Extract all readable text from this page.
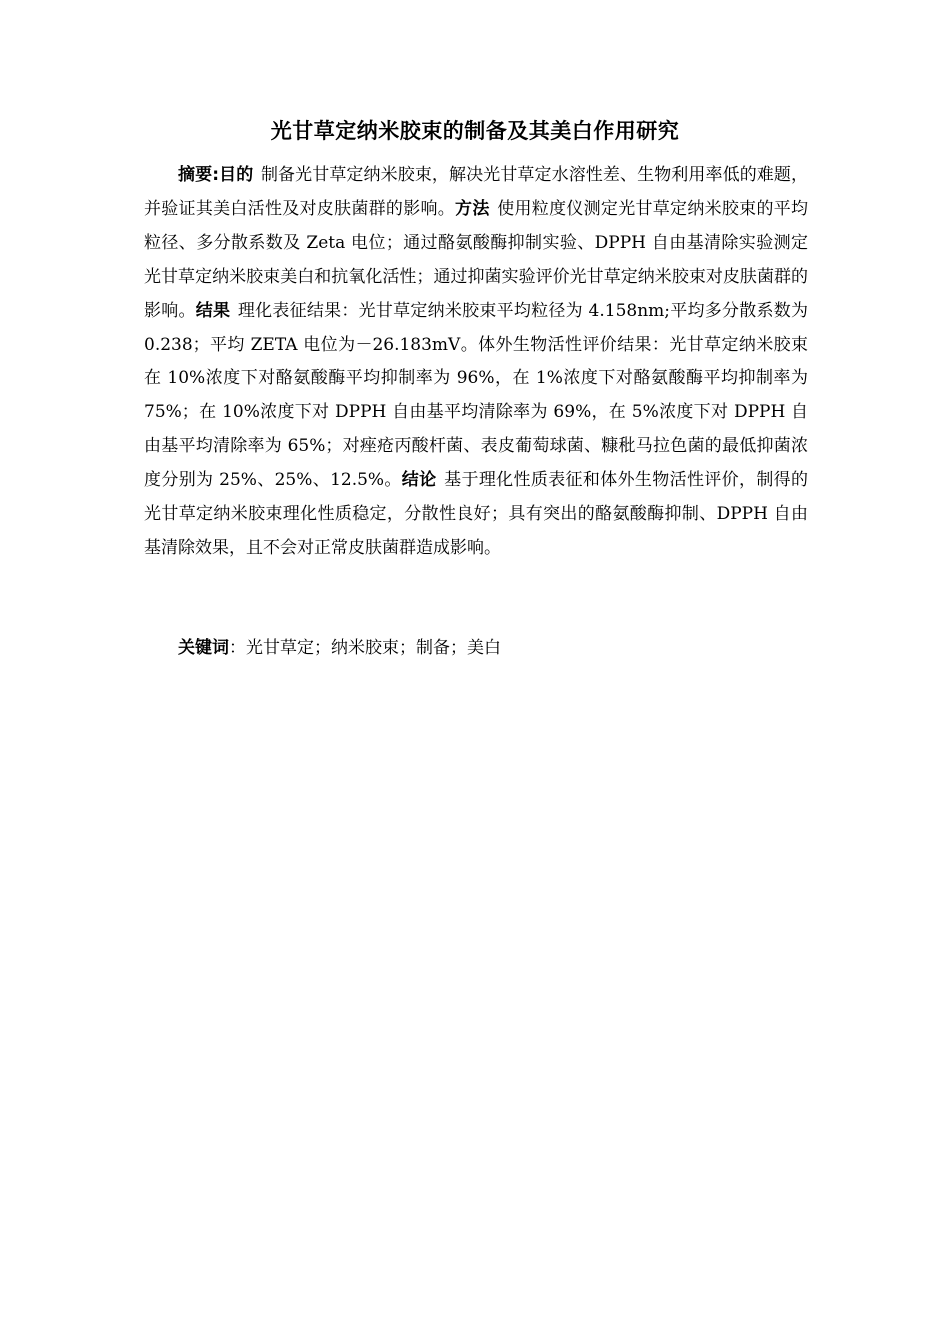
光甘草定纳米胶束的制备及其美白作用研究
摘要:目的 制备光甘草定纳米胶束，解决光甘草定水溶性差、生物利用率低的难题，并验证其美白活性及对皮肤菌群的影响。方法 使用粒度仪测定光甘草定纳米胶束的平均粒径、多分散系数及 Zeta 电位；通过酪氨酸酶抑制实验、DPPH 自由基清除实验测定光甘草定纳米胶束美白和抗氧化活性；通过抑菌实验评价光甘草定纳米胶束对皮肤菌群的影响。结果 理化表征结果：光甘草定纳米胶束平均粒径为 4.158nm;平均多分散系数为 0.238；平均 ZETA 电位为－26.183mV。体外生物活性评价结果：光甘草定纳米胶束在 10%浓度下对酪氨酸酶平均抑制率为 96%，在 1%浓度下对酪氨酸酶平均抑制率为 75%；在 10%浓度下对 DPPH 自由基平均清除率为 69%，在 5%浓度下对 DPPH 自由基平均清除率为 65%；对痤疮丙酸杆菌、表皮葡萄球菌、糠秕马拉色菌的最低抑菌浓度分别为 25%、25%、12.5%。结论 基于理化性质表征和体外生物活性评价，制得的光甘草定纳米胶束理化性质稳定，分散性良好；具有突出的酪氨酸酶抑制、DPPH 自由基清除效果，且不会对正常皮肤菌群造成影响。
关键词：光甘草定；纳米胶束；制备；美白
